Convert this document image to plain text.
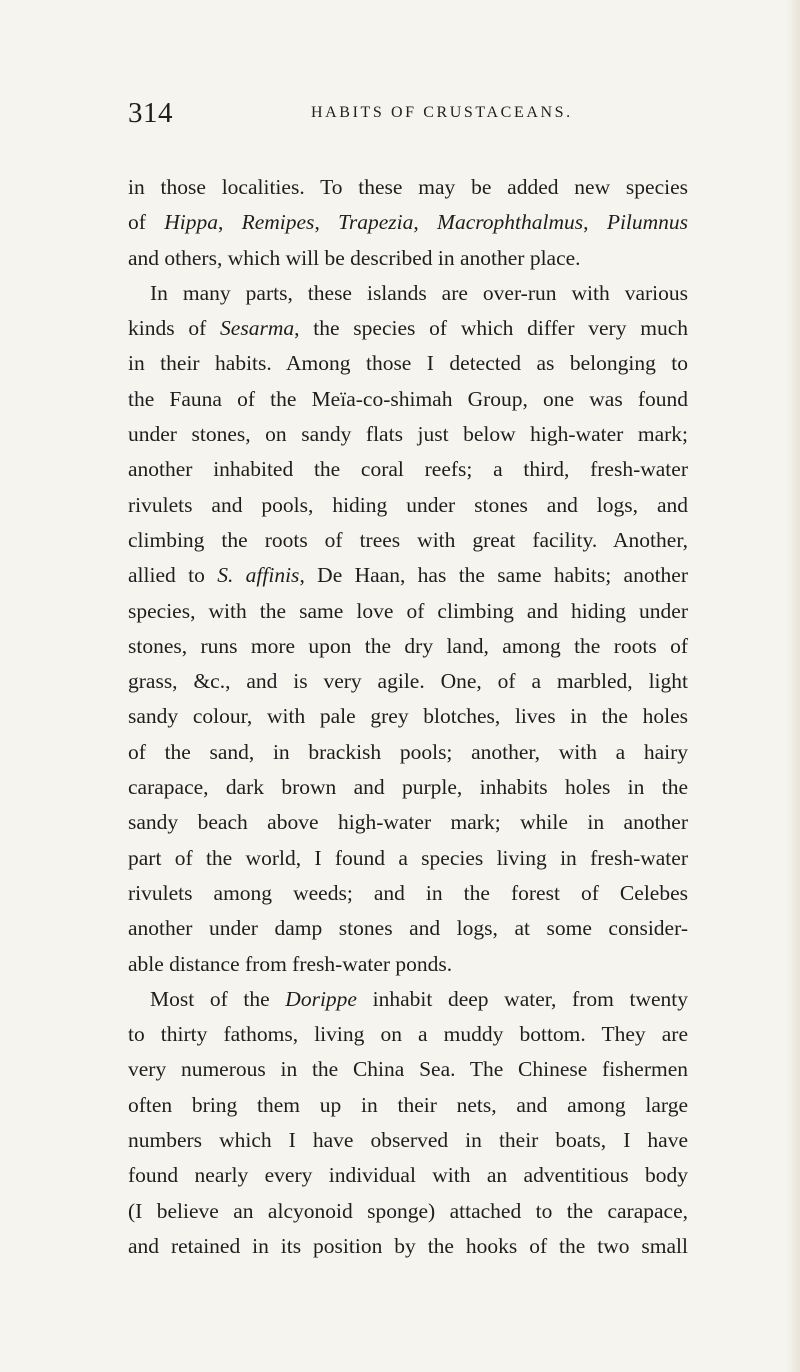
314	HABITS OF CRUSTACEANS.
in those localities. To these may be added new species
of Hippa, Remipes, Trapezia, Macrophthalmus, Pilumnus
and others, which will be described in another place.
In many parts, these islands are over-run with various
kinds of Sesarma, the species of which differ very much
in their habits. Among those I detected as belonging to
the Fauna of the Meïa-co-shimah Group, one was found
under stones, on sandy flats just below high-water mark;
another inhabited the coral reefs; a third, fresh-water
rivulets and pools, hiding under stones and logs, and
climbing the roots of trees with great facility. Another,
allied to S. affinis, De Haan, has the same habits; another
species, with the same love of climbing and hiding under
stones, runs more upon the dry land, among the roots of
grass, &c., and is very agile. One, of a marbled, light
sandy colour, with pale grey blotches, lives in the holes
of the sand, in brackish pools; another, with a hairy
carapace, dark brown and purple, inhabits holes in the
sandy beach above high-water mark; while in another
part of the world, I found a species living in fresh-water
rivulets among weeds; and in the forest of Celebes
another under damp stones and logs, at some consider-
able distance from fresh-water ponds.
Most of the Dorippe inhabit deep water, from twenty
to thirty fathoms, living on a muddy bottom. They are
very numerous in the China Sea. The Chinese fishermen
often bring them up in their nets, and among large
numbers which I have observed in their boats, I have
found nearly every individual with an adventitious body
(I believe an alcyonoid sponge) attached to the carapace,
and retained in its position by the hooks of the two small
